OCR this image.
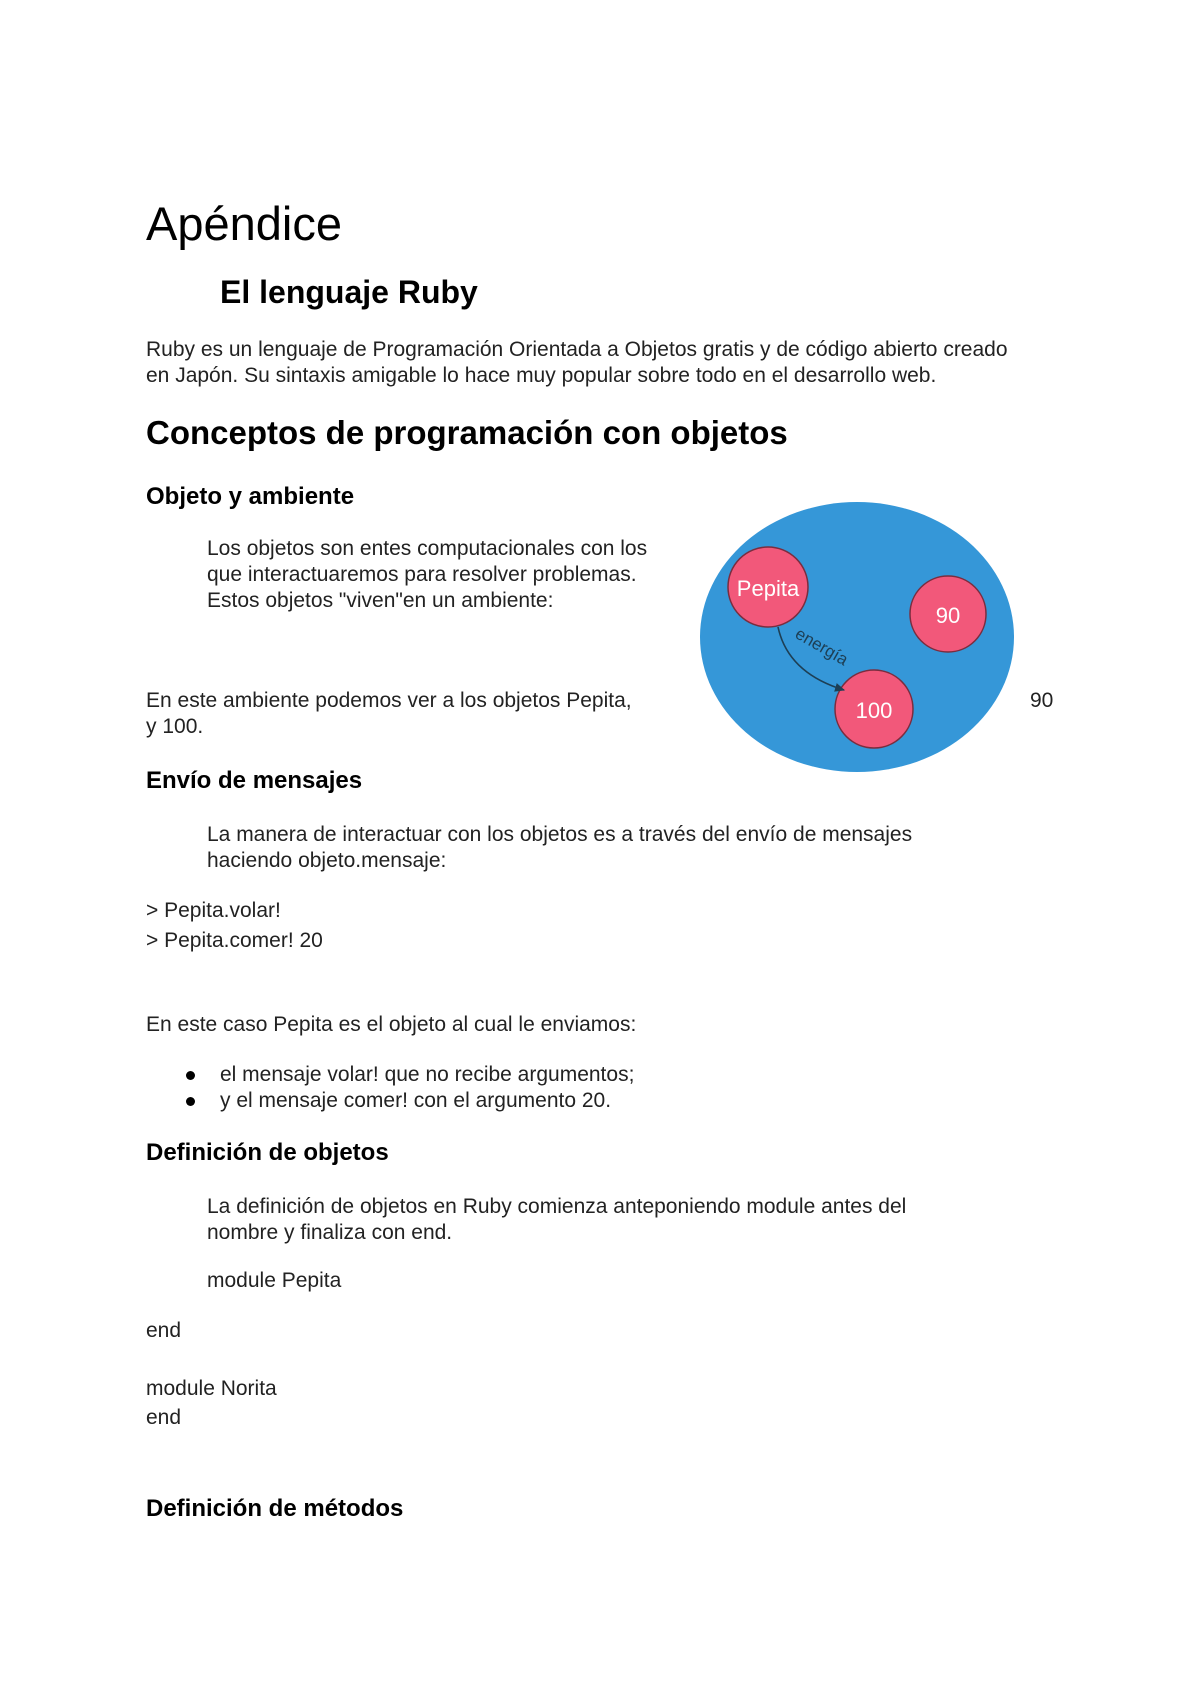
Apéndice
El lenguaje Ruby
Ruby es un lenguaje de Programación Orientada a Objetos gratis y de código abierto creado
en Japón. Su sintaxis amigable lo hace muy popular sobre todo en el desarrollo web.
Conceptos de programación con objetos
Objeto y ambiente
Los objetos son entes computacionales con los
que interactuaremos para resolver problemas.
Estos objetos "viven"en un ambiente:	Pepita
90
100
energía
En este ambiente podemos ver a los objetos Pepita,	90
y 100.
Envío de mensajes
La manera de interactuar con los objetos es a través del envío de mensajes
haciendo objeto.mensaje:
> Pepita.volar!
> Pepita.comer! 20
En este caso Pepita es el objeto al cual le enviamos:
el mensaje volar! que no recibe argumentos;
y el mensaje comer! con el argumento 20.
Definición de objetos
La definición de objetos en Ruby comienza anteponiendo module antes del
nombre y finaliza con end.
module Pepita
end
module Norita
end
Definición de métodos
